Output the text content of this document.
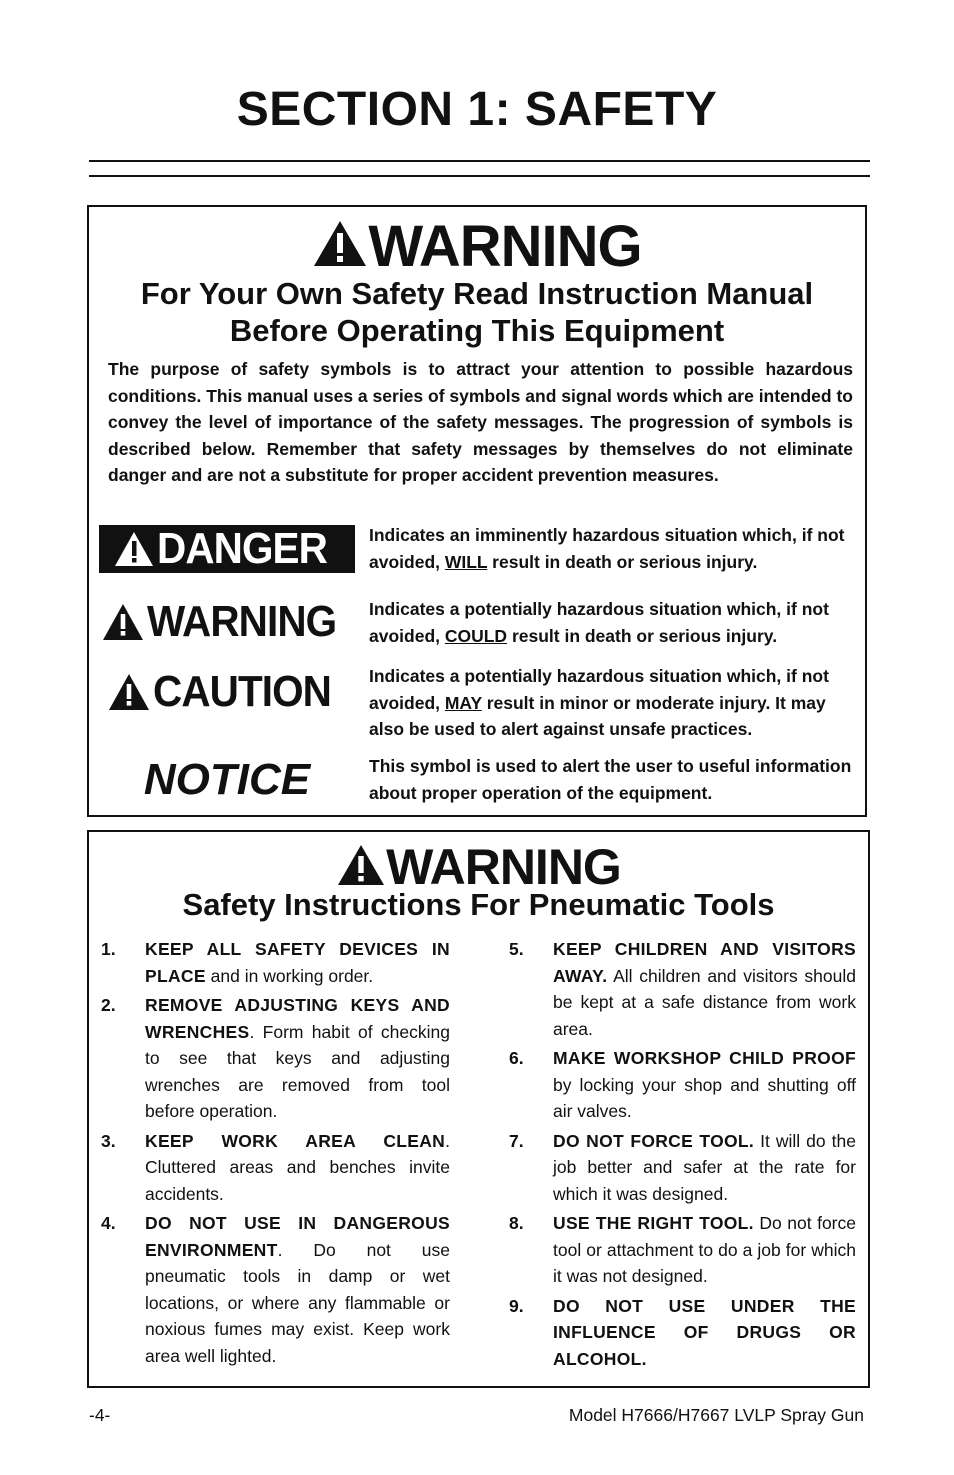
SECTION 1: SAFETY
WARNING
For Your Own Safety Read Instruction Manual
Before Operating This Equipment
The purpose of safety symbols is to attract your attention to possible hazardous conditions. This manual uses a series of symbols and signal words which are intended to convey the level of importance of the safety messages. The progression of symbols is described below. Remember that safety messages by themselves do not eliminate danger and are not a substitute for proper accident prevention measures.
DANGER Indicates an imminently hazardous situation which, if not avoided, WILL result in death or serious injury.
WARNING Indicates a potentially hazardous situation which, if not avoided, COULD result in death or serious injury.
CAUTION Indicates a potentially hazardous situation which, if not avoided, MAY result in minor or moderate injury. It may also be used to alert against unsafe practices.
NOTICE	This symbol is used to alert the user to useful information about proper operation of the equipment.
WARNING
Safety Instructions For Pneumatic Tools
1.	KEEP ALL SAFETY DEVICES IN PLACE and in working order.
2.	REMOVE ADJUSTING KEYS AND WRENCHES. Form habit of checking to see that keys and adjusting wrenches are removed from tool before operation.
3.	KEEP WORK AREA CLEAN. Cluttered areas and benches invite accidents.
4.	DO NOT USE IN DANGEROUS ENVIRONMENT. Do not use pneumatic tools in damp or wet locations, or where any flammable or noxious fumes may exist. Keep work area well lighted.
5.	KEEP CHILDREN AND VISITORS AWAY. All children and visitors should be kept at a safe distance from work area.
6.	MAKE WORKSHOP CHILD PROOF by locking your shop and shutting off air valves.
7.	DO NOT FORCE TOOL. It will do the job better and safer at the rate for which it was designed.
8.	USE THE RIGHT TOOL. Do not force tool or attachment to do a job for which it was not designed.
9.	DO NOT USE UNDER THE INFLUENCE OF DRUGS OR ALCOHOL.
-4-	Model H7666/H7667 LVLP Spray Gun
